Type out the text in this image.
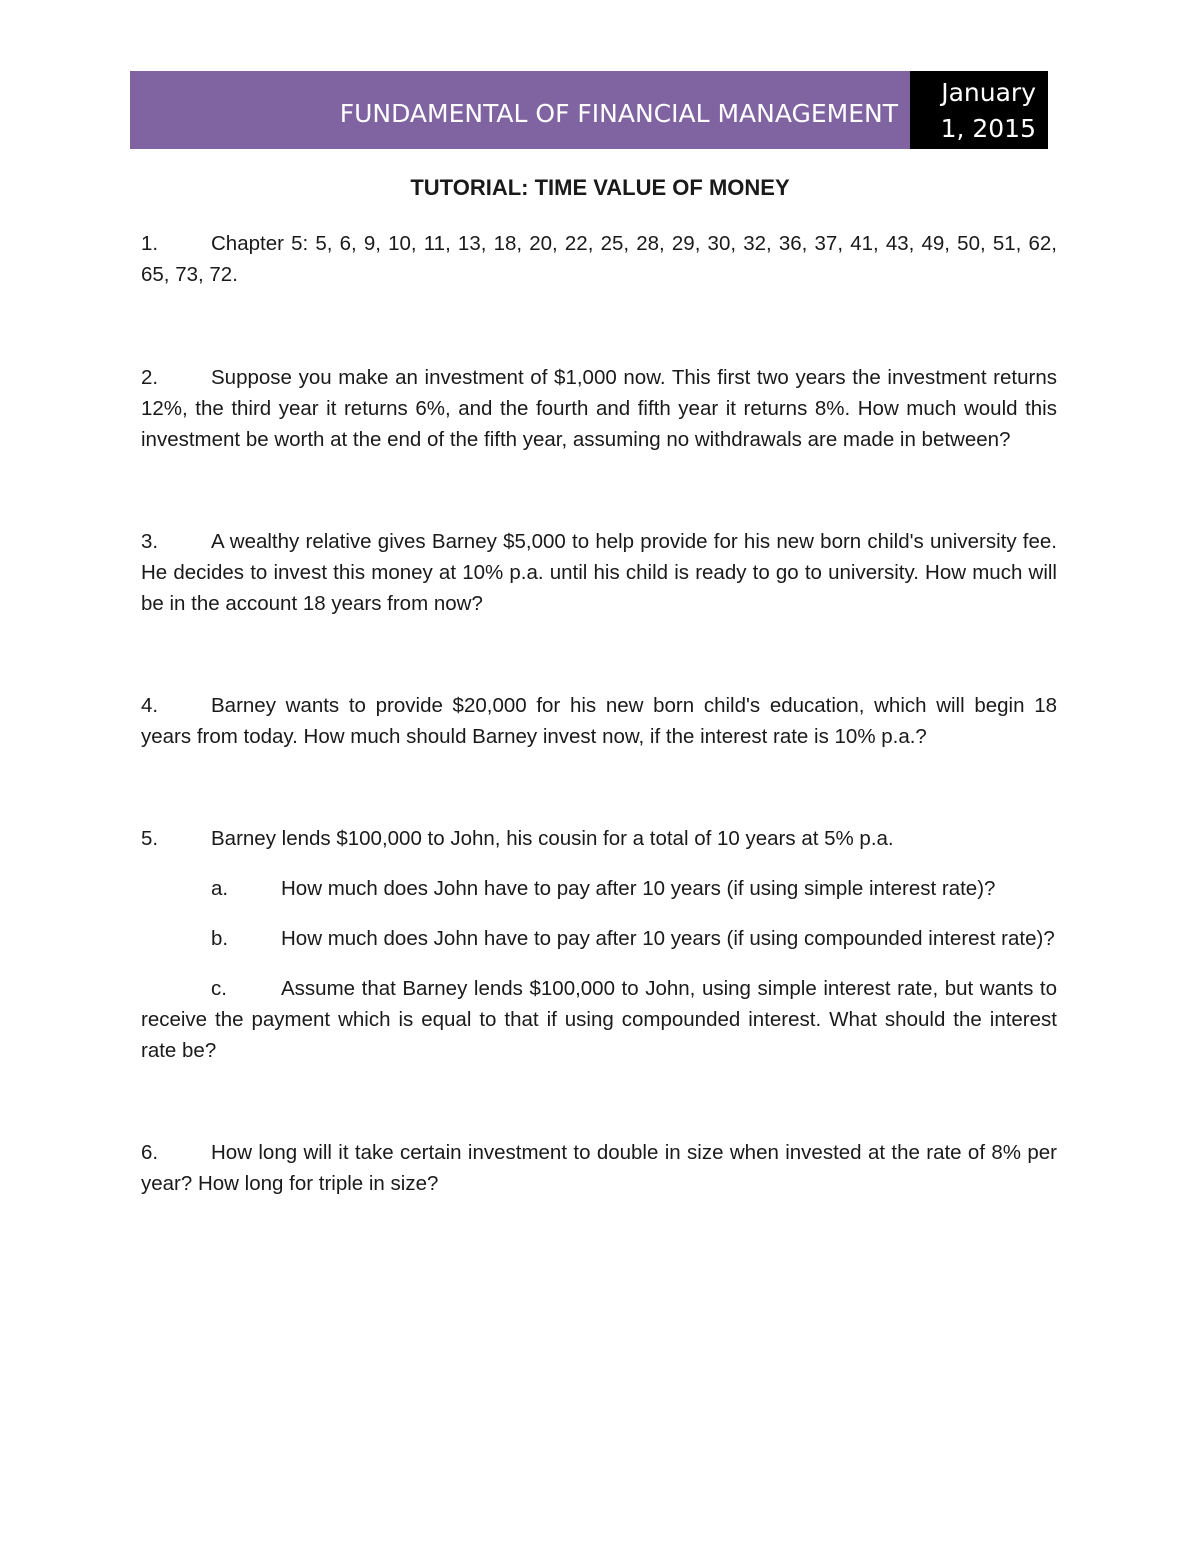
FUNDAMENTAL OF FINANCIAL MANAGEMENT
January
1, 2015
TUTORIAL: TIME VALUE OF MONEY

1.	Chapter 5: 5, 6, 9, 10, 11, 13, 18, 20, 22, 25, 28, 29, 30, 32, 36, 37, 41, 43, 49, 50, 51, 62, 65, 73, 72.

2.	Suppose you make an investment of $1,000 now. This first two years the investment returns 12%, the third year it returns 6%, and the fourth and fifth year it returns 8%. How much would this investment be worth at the end of the fifth year, assuming no withdrawals are made in between?

3.	A wealthy relative gives Barney $5,000 to help provide for his new born child's university fee. He decides to invest this money at 10% p.a. until his child is ready to go to university. How much will be in the account 18 years from now?

4.	Barney wants to provide $20,000 for his new born child's education, which will begin 18 years from today. How much should Barney invest now, if the interest rate is 10% p.a.?

5.	Barney lends $100,000 to John, his cousin for a total of 10 years at 5% p.a.

a.	How much does John have to pay after 10 years (if using simple interest rate)?

b.	How much does John have to pay after 10 years (if using compounded interest rate)?

c.	Assume that Barney lends $100,000 to John, using simple interest rate, but wants to receive the payment which is equal to that if using compounded interest. What should the interest rate be?

6.	How long will it take certain investment to double in size when invested at the rate of 8% per year? How long for triple in size?
